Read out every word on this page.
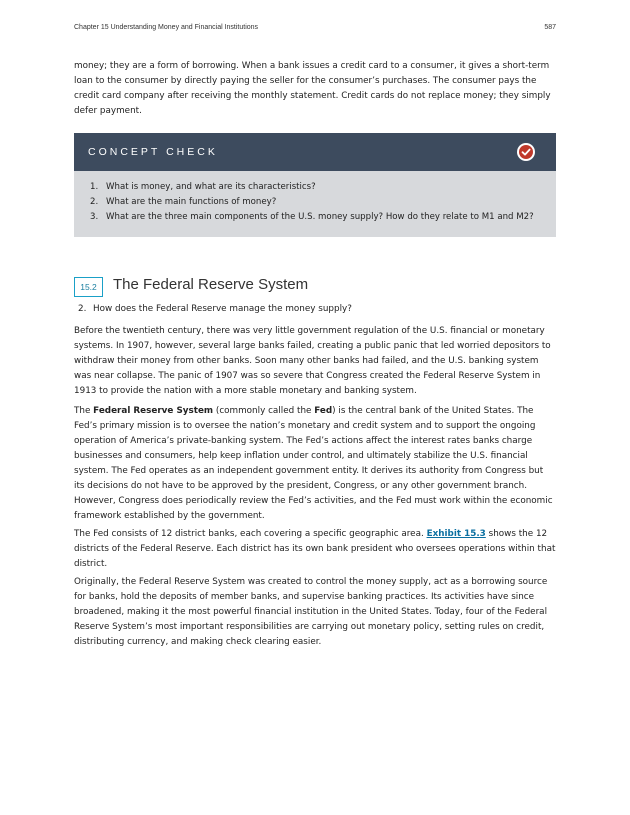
Chapter 15 Understanding Money and Financial Institutions	587

money; they are a form of borrowing. When a bank issues a credit card to a consumer, it gives a short-term loan to the consumer by directly paying the seller for the consumer’s purchases. The consumer pays the credit card company after receiving the monthly statement. Credit cards do not replace money; they simply defer payment.

CONCEPT CHECK
1. What is money, and what are its characteristics?
2. What are the main functions of money?
3. What are the three main components of the U.S. money supply? How do they relate to M1 and M2?
15.2	The Federal Reserve System
2. How does the Federal Reserve manage the money supply?

Before the twentieth century, there was very little government regulation of the U.S. financial or monetary systems. In 1907, however, several large banks failed, creating a public panic that led worried depositors to withdraw their money from other banks. Soon many other banks had failed, and the U.S. banking system was near collapse. The panic of 1907 was so severe that Congress created the Federal Reserve System in 1913 to provide the nation with a more stable monetary and banking system.

The Federal Reserve System (commonly called the Fed) is the central bank of the United States. The Fed’s primary mission is to oversee the nation’s monetary and credit system and to support the ongoing operation of America’s private-banking system. The Fed’s actions affect the interest rates banks charge businesses and consumers, help keep inflation under control, and ultimately stabilize the U.S. financial system. The Fed operates as an independent government entity. It derives its authority from Congress but its decisions do not have to be approved by the president, Congress, or any other government branch. However, Congress does periodically review the Fed’s activities, and the Fed must work within the economic framework established by the government.

The Fed consists of 12 district banks, each covering a specific geographic area. Exhibit 15.3 shows the 12 districts of the Federal Reserve. Each district has its own bank president who oversees operations within that district.

Originally, the Federal Reserve System was created to control the money supply, act as a borrowing source for banks, hold the deposits of member banks, and supervise banking practices. Its activities have since broadened, making it the most powerful financial institution in the United States. Today, four of the Federal Reserve System’s most important responsibilities are carrying out monetary policy, setting rules on credit, distributing currency, and making check clearing easier.
